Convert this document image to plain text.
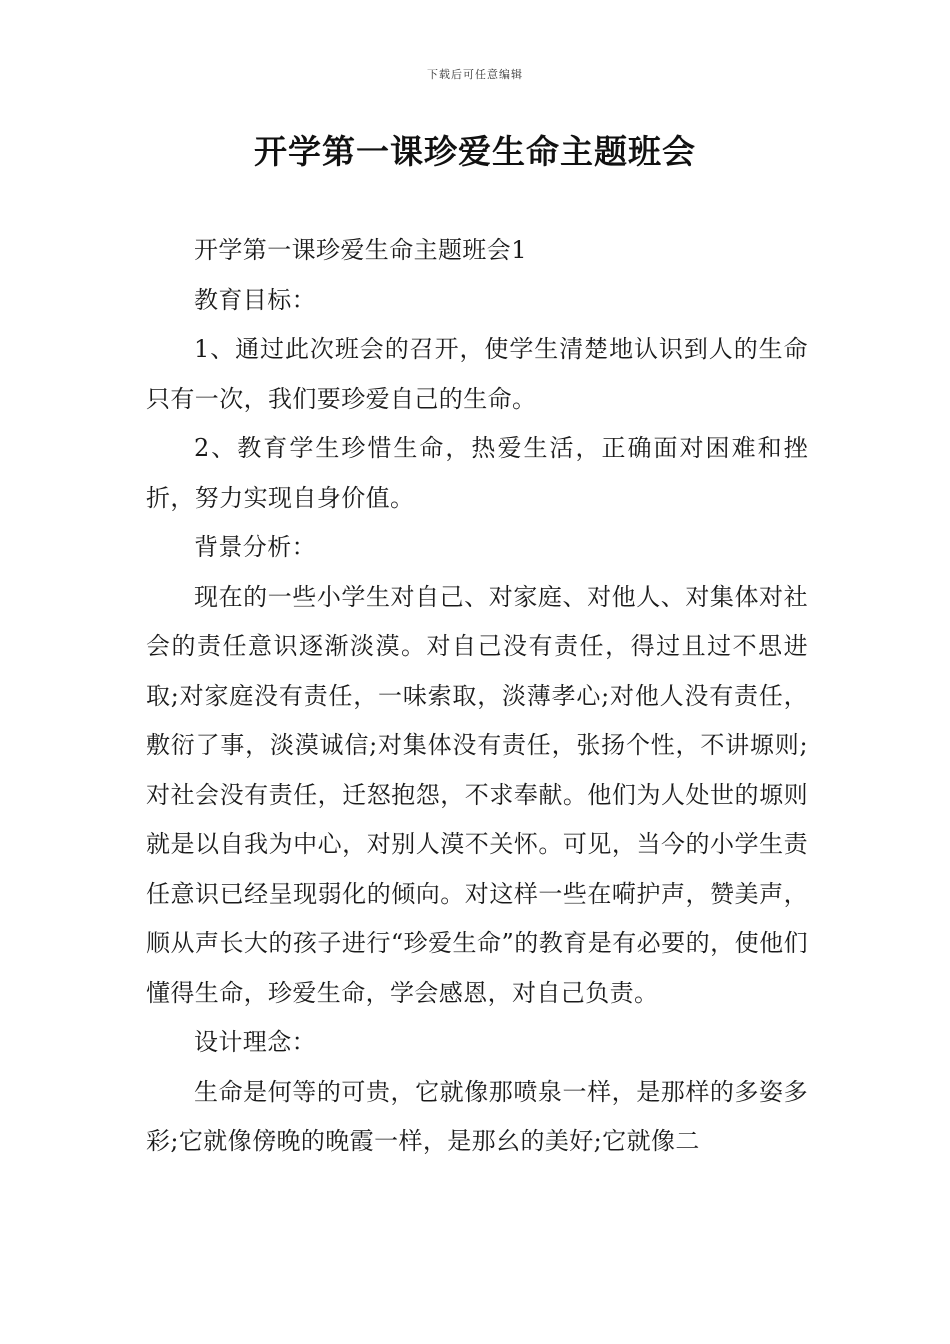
下载后可任意编辑
开学第一课珍爱生命主题班会

开学第一课珍爱生命主题班会1

教育目标：

1、通过此次班会的召开，使学生清楚地认识到人的生命只有一次，我们要珍爱自己的生命。

2、教育学生珍惜生命，热爱生活，正确面对困难和挫折，努力实现自身价值。

背景分析：

现在的一些小学生对自己、对家庭、对他人、对集体对社会的责任意识逐渐淡漠。对自己没有责任，得过且过不思进取;对家庭没有责任，一味索取，淡薄孝心;对他人没有责任，敷衍了事，淡漠诚信;对集体没有责任，张扬个性，不讲塬则;对社会没有责任，迁怒抱怨，不求奉献。他们为人处世的塬则就是以自我为中心，对别人漠不关怀。可见，当今的小学生责任意识已经呈现弱化的倾向。对这样一些在嗬护声，赞美声，顺从声长大的孩子进行“珍爱生命”的教育是有必要的，使他们懂得生命，珍爱生命，学会感恩，对自己负责。

设计理念：

生命是何等的可贵，它就像那喷泉一样，是那样的多姿多彩;它就像傍晚的晚霞一样，是那幺的美好;它就像二
